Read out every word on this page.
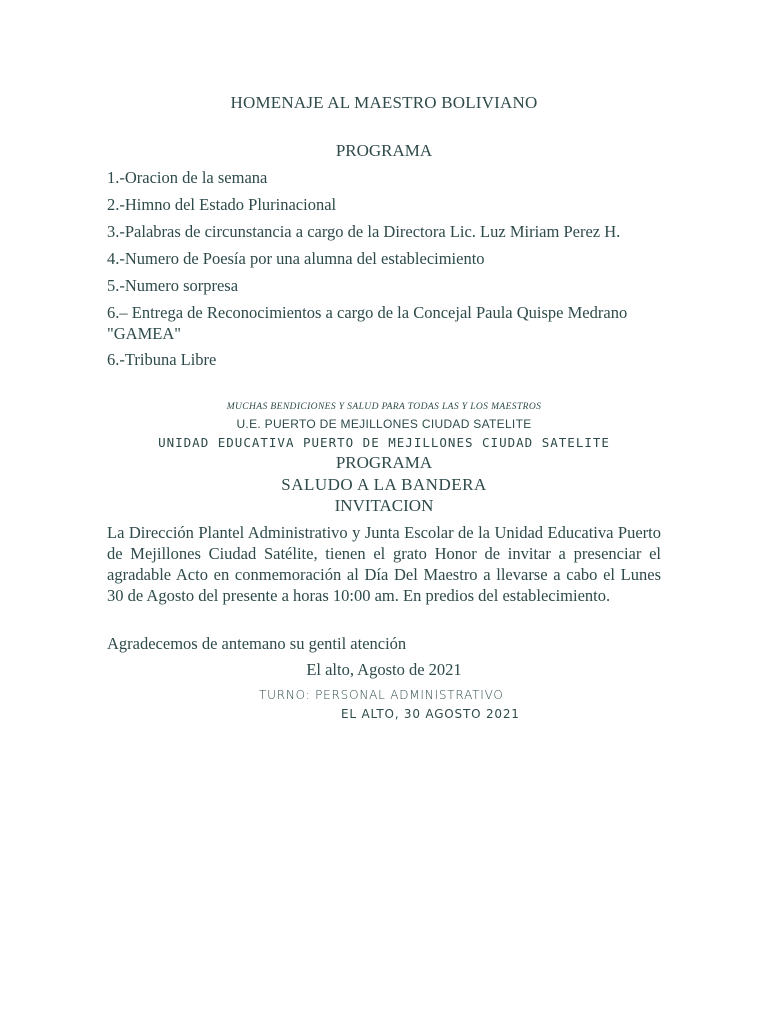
HOMENAJE AL MAESTRO BOLIVIANO
PROGRAMA
1.-Oracion de la semana
2.-Himno del Estado Plurinacional
3.-Palabras de circunstancia a cargo de la Directora Lic. Luz Miriam Perez H.
4.-Numero de Poesía por una alumna del establecimiento
5.-Numero sorpresa
6.– Entrega de Reconocimientos a cargo de la Concejal Paula Quispe Medrano "GAMEA"
6.-Tribuna Libre
MUCHAS BENDICIONES Y SALUD PARA TODAS LAS Y LOS MAESTROS
U.E. PUERTO DE MEJILLONES CIUDAD SATELITE
UNIDAD EDUCATIVA PUERTO DE MEJILLONES CIUDAD SATELITE
PROGRAMA
SALUDO A LA BANDERA
INVITACION

La Dirección Plantel Administrativo y Junta Escolar de la Unidad Educativa Puerto de Mejillones Ciudad Satélite, tienen el grato Honor de invitar a presenciar el agradable Acto en conmemoración al Día Del Maestro a llevarse a cabo el Lunes 30 de Agosto del presente a horas 10:00 am. En predios del establecimiento.

Agradecemos de antemano su gentil atención
El alto, Agosto de 2021
TURNO: PERSONAL ADMINISTRATIVO
EL ALTO, 30 AGOSTO 2021
